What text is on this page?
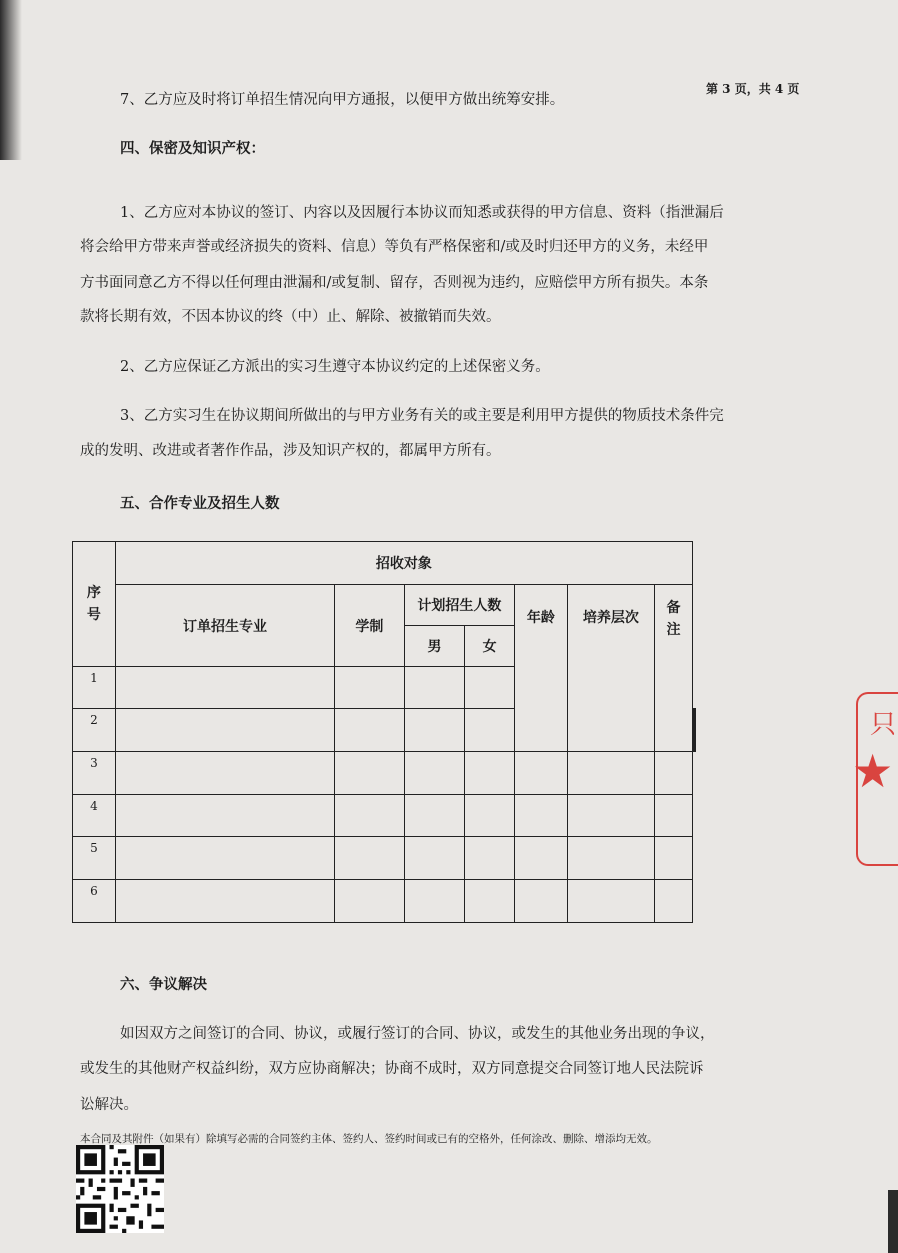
第 3 页，共 4 页

7、乙方应及时将订单招生情况向甲方通报，以便甲方做出统筹安排。

四、保密及知识产权：

1、乙方应对本协议的签订、内容以及因履行本协议而知悉或获得的甲方信息、资料（指泄漏后

将会给甲方带来声誉或经济损失的资料、信息）等负有严格保密和/或及时归还甲方的义务，未经甲

方书面同意乙方不得以任何理由泄漏和/或复制、留存，否则视为违约，应赔偿甲方所有损失。本条

款将长期有效，不因本协议的终（中）止、解除、被撤销而失效。

2、乙方应保证乙方派出的实习生遵守本协议约定的上述保密义务。

3、乙方实习生在协议期间所做出的与甲方业务有关的或主要是利用甲方提供的物质技术条件完

成的发明、改进或者著作作品，涉及知识产权的，都属甲方所有。

五、合作专业及招生人数

序号	招收对象								
	订单招生专业	学制	计划招生人数		年龄	培养层次	备注		
			男	女					
1									
2									
3									
4									
5									
6									

六、争议解决

如因双方之间签订的合同、协议，或履行签订的合同、协议，或发生的其他业务出现的争议，

或发生的其他财产权益纠纷，双方应协商解决；协商不成时，双方同意提交合同签订地人民法院诉

讼解决。

本合同及其附件（如果有）除填写必需的合同签约主体、签约人、签约时间或已有的空格外，任何涂改、删除、增添均无效。
只
★
